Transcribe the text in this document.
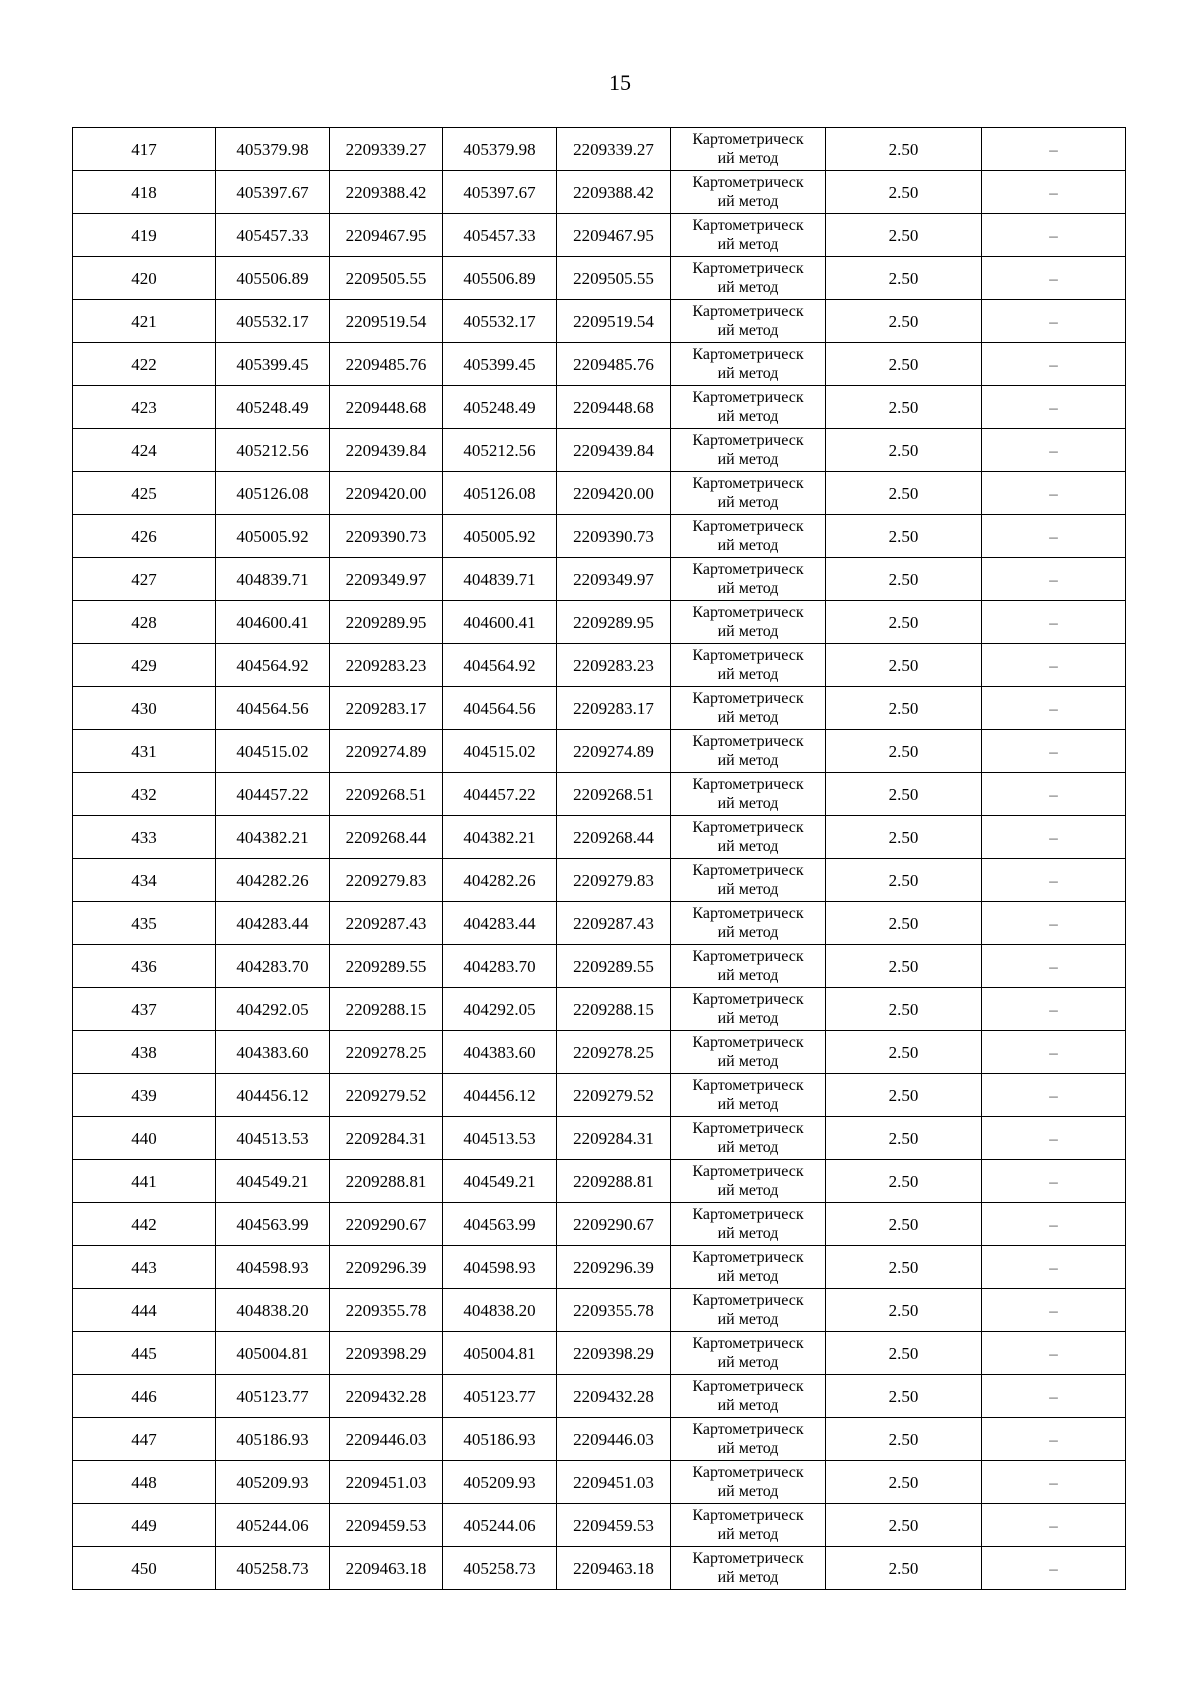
15
417	405379.98	2209339.27	405379.98	2209339.27	Картометрическ
ий метод	2.50	–
418	405397.67	2209388.42	405397.67	2209388.42	Картометрическ
ий метод	2.50	–
419	405457.33	2209467.95	405457.33	2209467.95	Картометрическ
ий метод	2.50	–
420	405506.89	2209505.55	405506.89	2209505.55	Картометрическ
ий метод	2.50	–
421	405532.17	2209519.54	405532.17	2209519.54	Картометрическ
ий метод	2.50	–
422	405399.45	2209485.76	405399.45	2209485.76	Картометрическ
ий метод	2.50	–
423	405248.49	2209448.68	405248.49	2209448.68	Картометрическ
ий метод	2.50	–
424	405212.56	2209439.84	405212.56	2209439.84	Картометрическ
ий метод	2.50	–
425	405126.08	2209420.00	405126.08	2209420.00	Картометрическ
ий метод	2.50	–
426	405005.92	2209390.73	405005.92	2209390.73	Картометрическ
ий метод	2.50	–
427	404839.71	2209349.97	404839.71	2209349.97	Картометрическ
ий метод	2.50	–
428	404600.41	2209289.95	404600.41	2209289.95	Картометрическ
ий метод	2.50	–
429	404564.92	2209283.23	404564.92	2209283.23	Картометрическ
ий метод	2.50	–
430	404564.56	2209283.17	404564.56	2209283.17	Картометрическ
ий метод	2.50	–
431	404515.02	2209274.89	404515.02	2209274.89	Картометрическ
ий метод	2.50	–
432	404457.22	2209268.51	404457.22	2209268.51	Картометрическ
ий метод	2.50	–
433	404382.21	2209268.44	404382.21	2209268.44	Картометрическ
ий метод	2.50	–
434	404282.26	2209279.83	404282.26	2209279.83	Картометрическ
ий метод	2.50	–
435	404283.44	2209287.43	404283.44	2209287.43	Картометрическ
ий метод	2.50	–
436	404283.70	2209289.55	404283.70	2209289.55	Картометрическ
ий метод	2.50	–
437	404292.05	2209288.15	404292.05	2209288.15	Картометрическ
ий метод	2.50	–
438	404383.60	2209278.25	404383.60	2209278.25	Картометрическ
ий метод	2.50	–
439	404456.12	2209279.52	404456.12	2209279.52	Картометрическ
ий метод	2.50	–
440	404513.53	2209284.31	404513.53	2209284.31	Картометрическ
ий метод	2.50	–
441	404549.21	2209288.81	404549.21	2209288.81	Картометрическ
ий метод	2.50	–
442	404563.99	2209290.67	404563.99	2209290.67	Картометрическ
ий метод	2.50	–
443	404598.93	2209296.39	404598.93	2209296.39	Картометрическ
ий метод	2.50	–
444	404838.20	2209355.78	404838.20	2209355.78	Картометрическ
ий метод	2.50	–
445	405004.81	2209398.29	405004.81	2209398.29	Картометрическ
ий метод	2.50	–
446	405123.77	2209432.28	405123.77	2209432.28	Картометрическ
ий метод	2.50	–
447	405186.93	2209446.03	405186.93	2209446.03	Картометрическ
ий метод	2.50	–
448	405209.93	2209451.03	405209.93	2209451.03	Картометрическ
ий метод	2.50	–
449	405244.06	2209459.53	405244.06	2209459.53	Картометрическ
ий метод	2.50	–
450	405258.73	2209463.18	405258.73	2209463.18	Картометрическ
ий метод	2.50	–
